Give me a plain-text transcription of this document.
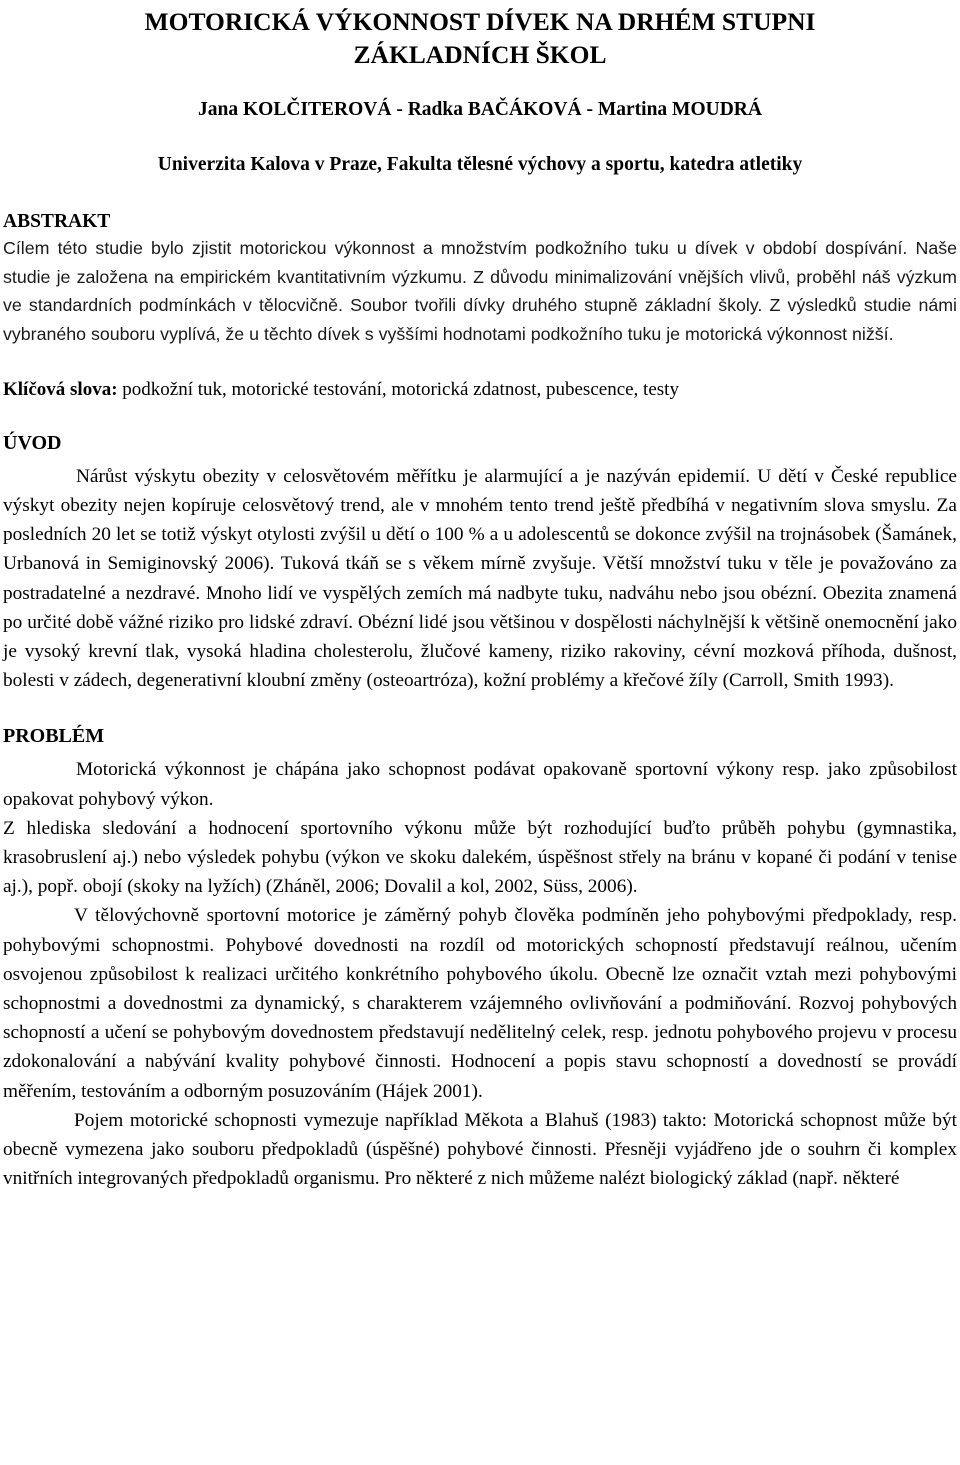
MOTORICKÁ VÝKONNOST DÍVEK NA DRHÉM STUPNI
ZÁKLADNÍCH ŠKOL
Jana KOLČITEROVÁ - Radka BAČÁKOVÁ - Martina MOUDRÁ
Univerzita Kalova v Praze, Fakulta tělesné výchovy a sportu, katedra atletiky
ABSTRAKT

Cílem této studie bylo zjistit motorickou výkonnost a množstvím podkožního tuku u dívek v období dospívání. Naše studie je založena na empirickém kvantitativním výzkumu. Z důvodu minimalizování vnějších vlivů, proběhl náš výzkum ve standardních podmínkách v tělocvičně. Soubor tvořili dívky druhého stupně základní školy. Z výsledků studie námi vybraného souboru vyplívá, že u těchto dívek s vyššími hodnotami podkožního tuku je motorická výkonnost nižší.

Klíčová slova: podkožní tuk, motorické testování, motorická zdatnost, pubescence, testy

ÚVOD

Nárůst výskytu obezity v celosvětovém měřítku je alarmující a je nazýván epidemií. U dětí v České republice výskyt obezity nejen kopíruje celosvětový trend, ale v mnohém tento trend ještě předbíhá v negativním slova smyslu. Za posledních 20 let se totiž výskyt otylosti zvýšil u dětí o 100 % a u adolescentů se dokonce zvýšil na trojnásobek (Šamánek, Urbanová in Semiginovský 2006). Tuková tkáň se s věkem mírně zvyšuje. Větší množství tuku v těle je považováno za postradatelné a nezdravé. Mnoho lidí ve vyspělých zemích má nadbyte tuku, nadváhu nebo jsou obézní. Obezita znamená po určité době vážné riziko pro lidské zdraví. Obézní lidé jsou většinou v dospělosti náchylnější k většině onemocnění jako je vysoký krevní tlak, vysoká hladina cholesterolu, žlučové kameny, riziko rakoviny, cévní mozková příhoda, dušnost, bolesti v zádech, degenerativní kloubní změny (osteoartróza), kožní problémy a křečové žíly (Carroll, Smith 1993).

PROBLÉM

Motorická výkonnost je chápána jako schopnost podávat opakovaně sportovní výkony resp. jako způsobilost opakovat pohybový výkon.

Z hlediska sledování a hodnocení sportovního výkonu může být rozhodující buďto průběh pohybu (gymnastika, krasobruslení aj.) nebo výsledek pohybu (výkon ve skoku dalekém, úspěšnost střely na bránu v kopané či podání v tenise aj.), popř. obojí (skoky na lyžích) (Zháněl, 2006; Dovalil a kol, 2002, Süss, 2006).

V tělovýchovně sportovní motorice je záměrný pohyb člověka podmíněn jeho pohybovými předpoklady, resp. pohybovými schopnostmi. Pohybové dovednosti na rozdíl od motorických schopností představují reálnou, učením osvojenou způsobilost k realizaci určitého konkrétního pohybového úkolu. Obecně lze označit vztah mezi pohybovými schopnostmi a dovednostmi za dynamický, s charakterem vzájemného ovlivňování a podmiňování. Rozvoj pohybových schopností a učení se pohybovým dovednostem představují nedělitelný celek, resp. jednotu pohybového projevu v procesu zdokonalování a nabývání kvality pohybové činnosti. Hodnocení a popis stavu schopností a dovedností se provádí měřením, testováním a odborným posuzováním (Hájek 2001).

Pojem motorické schopnosti vymezuje například Měkota a Blahuš (1983) takto: Motorická schopnost může být obecně vymezena jako souboru předpokladů (úspěšné) pohybové činnosti. Přesněji vyjádřeno jde o souhrn či komplex vnitřních integrovaných předpokladů organismu. Pro některé z nich můžeme nalézt biologický základ (např. některé
